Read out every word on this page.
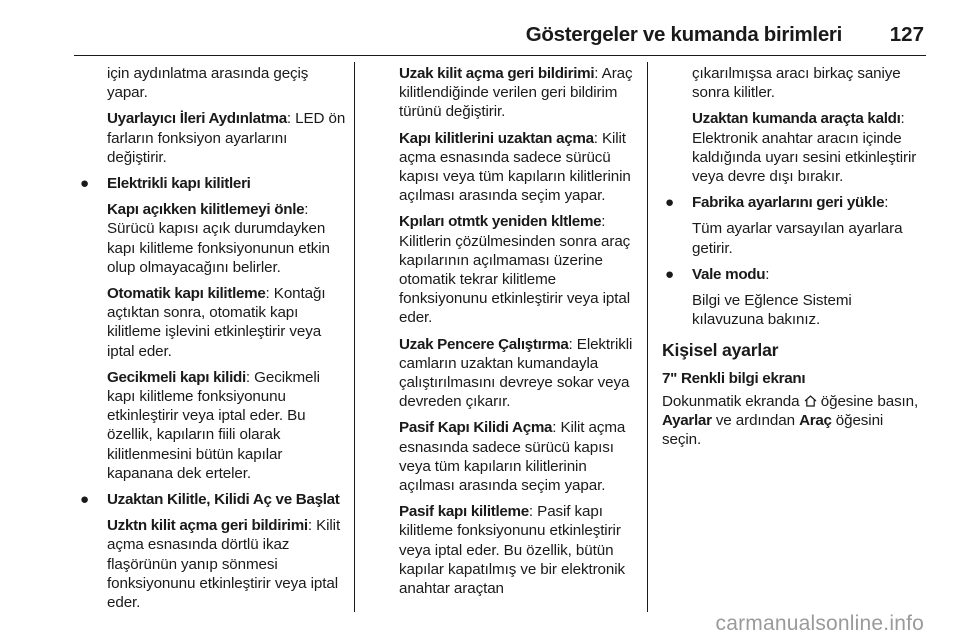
Göstergeler ve kumanda birimleri 127

için aydınlatma arasında geçiş yapar.

Uyarlayıcı İleri Aydınlatma: LED ön farların fonksiyon ayarlarını değiştirir.

● Elektrikli kapı kilitleri

Kapı açıkken kilitlemeyi önle: Sürücü kapısı açık durumdayken kapı kilitleme fonksiyonunun etkin olup olmayacağını belirler.

Otomatik kapı kilitleme: Kontağı açtıktan sonra, otomatik kapı kilitleme işlevini etkinleştirir veya iptal eder.

Gecikmeli kapı kilidi: Gecikmeli kapı kilitleme fonksiyonunu etkinleştirir veya iptal eder. Bu özellik, kapıların fiili olarak kilitlenmesini bütün kapılar kapanana dek erteler.

● Uzaktan Kilitle, Kilidi Aç ve Başlat

Uzktn kilit açma geri bildirimi: Kilit açma esnasında dörtlü ikaz flaşörünün yanıp sönmesi fonksiyonunu etkinleştirir veya iptal eder.

Uzak kilit açma geri bildirimi: Araç kilitlendiğinde verilen geri bildirim türünü değiştirir.

Kapı kilitlerini uzaktan açma: Kilit açma esnasında sadece sürücü kapısı veya tüm kapıların kilitlerinin açılması arasında seçim yapar.

Kpıları otmtk yeniden kltleme: Kilitlerin çözülmesinden sonra araç kapılarının açılmaması üzerine otomatik tekrar kilitleme fonksiyonunu etkinleştirir veya iptal eder.

Uzak Pencere Çalıştırma: Elektrikli camların uzaktan kumandayla çalıştırılmasını devreye sokar veya devreden çıkarır.

Pasif Kapı Kilidi Açma: Kilit açma esnasında sadece sürücü kapısı veya tüm kapıların kilitlerinin açılması arasında seçim yapar.

Pasif kapı kilitleme: Pasif kapı kilitleme fonksiyonunu etkinleştirir veya iptal eder. Bu özellik, bütün kapılar kapatılmış ve bir elektronik anahtar araçtan

çıkarılmışsa aracı birkaç saniye sonra kilitler.

Uzaktan kumanda araçta kaldı: Elektronik anahtar aracın içinde kaldığında uyarı sesini etkinleştirir veya devre dışı bırakır.

● Fabrika ayarlarını geri yükle:

Tüm ayarlar varsayılan ayarlara getirir.

● Vale modu:

Bilgi ve Eğlence Sistemi kılavuzuna bakınız.

Kişisel ayarlar

7" Renkli bilgi ekranı

Dokunmatik ekranda öğesine basın, Ayarlar ve ardından Araç öğesini seçin.

carmanualsonline.info
